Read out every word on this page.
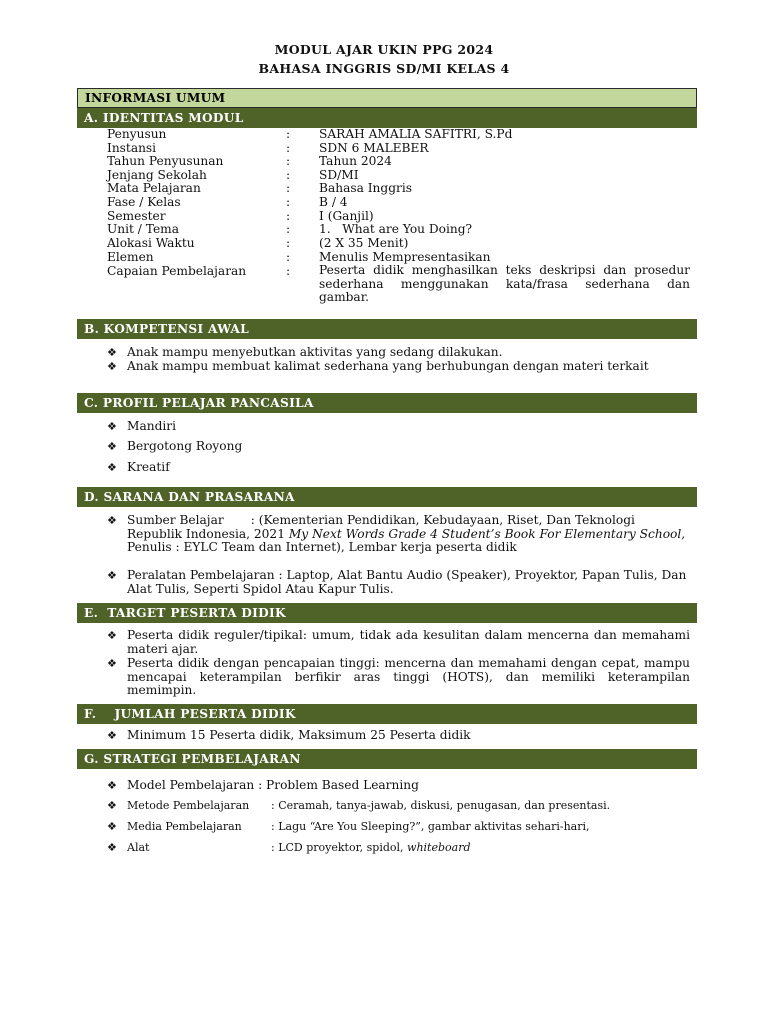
MODUL AJAR UKIN PPG 2024
BAHASA INGGRIS SD/MI KELAS 4
INFORMASI UMUM
A. IDENTITAS MODUL
Penyusun	: SARAH AMALIA SAFITRI, S.Pd
Instansi	: SDN 6 MALEBER
Tahun Penyusunan	: Tahun 2024
Jenjang Sekolah	: SD/MI
Mata Pelajaran	: Bahasa Inggris
Fase / Kelas	: B / 4
Semester	: I (Ganjil)
Unit / Tema	: 1.   What are You Doing?
Alokasi Waktu	: (2 X 35 Menit)
Elemen	: Menulis Mempresentasikan
Capaian Pembelajaran	: Peserta didik menghasilkan teks deskripsi dan prosedur sederhana menggunakan kata/frasa sederhana dan gambar.
B. KOMPETENSI AWAL
❖ Anak mampu menyebutkan aktivitas yang sedang dilakukan.
❖ Anak mampu membuat kalimat sederhana yang berhubungan dengan materi terkait
C. PROFIL PELAJAR PANCASILA
❖ Mandiri
❖ Bergotong Royong
❖ Kreatif
D. SARANA DAN PRASARANA
❖ Sumber Belajar       : (Kementerian Pendidikan, Kebudayaan, Riset, Dan Teknologi Republik Indonesia, 2021 My Next Words Grade 4 Student’s Book For Elementary School, Penulis : EYLC Team dan Internet), Lembar kerja peserta didik
❖ Peralatan Pembelajaran : Laptop, Alat Bantu Audio (Speaker), Proyektor, Papan Tulis, Dan Alat Tulis, Seperti Spidol Atau Kapur Tulis.
E.  TARGET PESERTA DIDIK
❖ Peserta didik reguler/tipikal: umum, tidak ada kesulitan dalam mencerna dan memahami materi ajar.
❖ Peserta didik dengan pencapaian tinggi: mencerna dan memahami dengan cepat, mampu mencapai keterampilan berfikir aras tinggi (HOTS), dan memiliki keterampilan memimpin.
F.    JUMLAH PESERTA DIDIK
❖ Minimum 15 Peserta didik, Maksimum 25 Peserta didik
G. STRATEGI PEMBELAJARAN
❖ Model Pembelajaran : Problem Based Learning
❖ Metode Pembelajaran	: Ceramah, tanya-jawab, diskusi, penugasan, dan presentasi.
❖ Media Pembelajaran	: Lagu “Are You Sleeping?”, gambar aktivitas sehari-hari,
❖ Alat	: LCD proyektor, spidol, whiteboard
